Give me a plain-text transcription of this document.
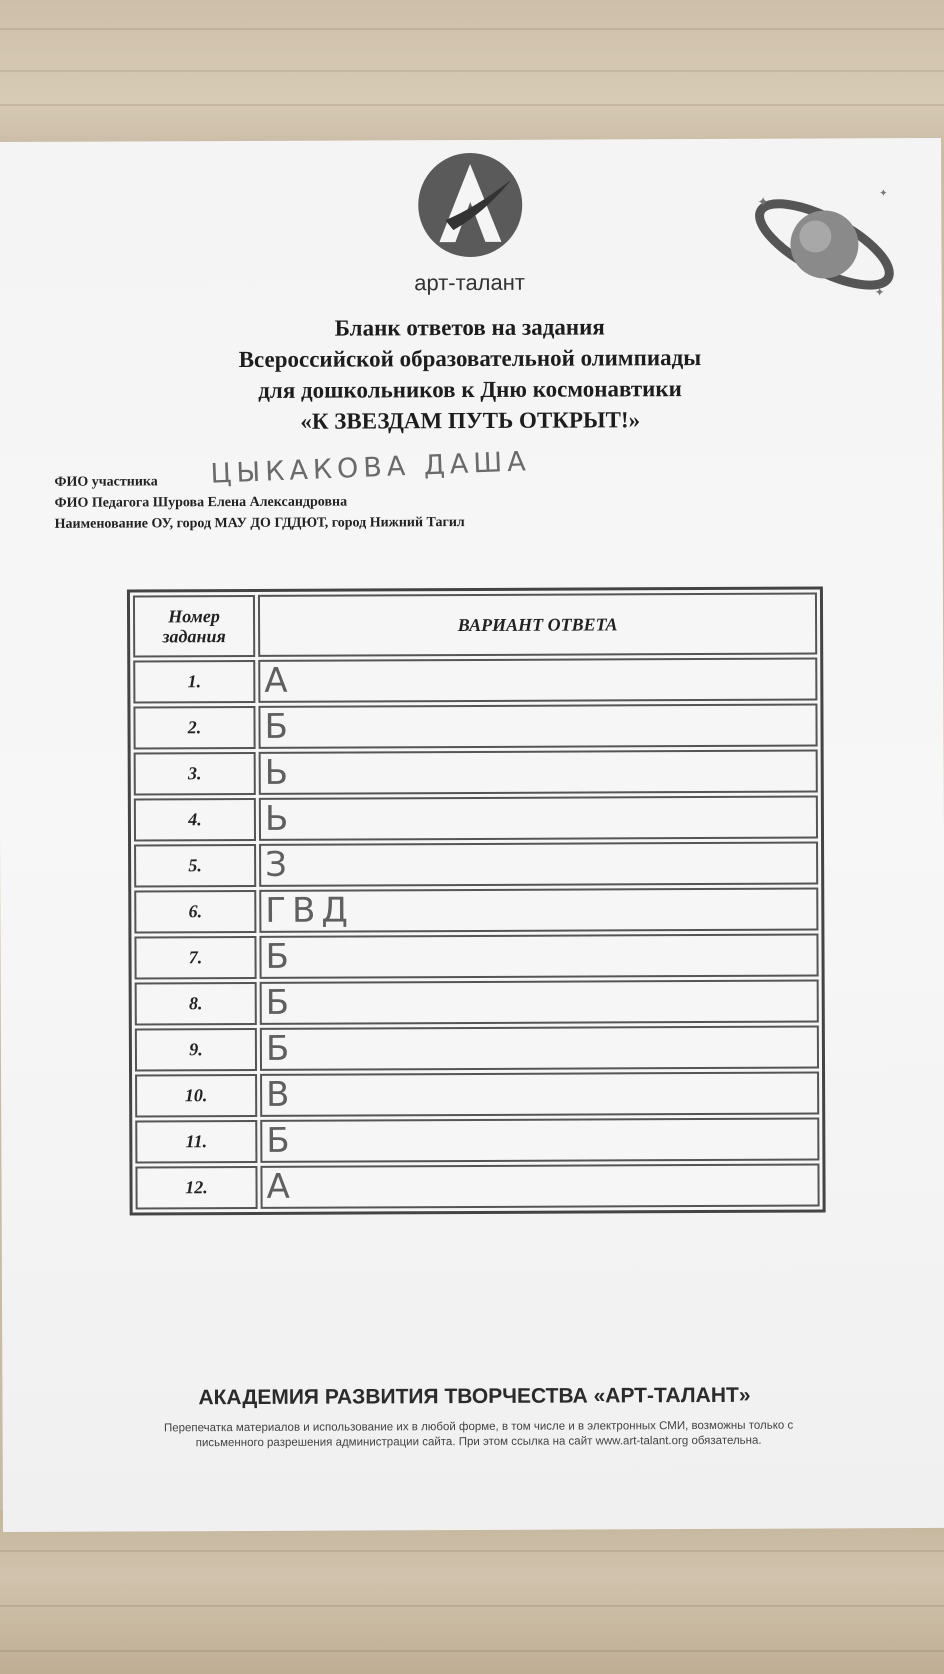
арт-талант
✦
✦
✦
Бланк ответов на задания
Всероссийской образовательной олимпиады
для дошкольников к Дню космонавтики
«К ЗВЕЗДАМ ПУТЬ ОТКРЫТ!»
ФИО участника
ФИО Педагога Шурова Елена Александровна
Наименование ОУ, город МАУ ДО ГДДЮТ, город Нижний Тагил
ЦЫКАКОВА ДАША
Номер
задания	ВАРИАНТ ОТВЕТА
1.	А
2.	Б
3.	Ь
4.	Ь
5.	З
6.	ГВД
7.	Б
8.	Б
9.	Б
10.	В
11.	Б
12.	А
АКАДЕМИЯ РАЗВИТИЯ ТВОРЧЕСТВА «АРТ-ТАЛАНТ»
Перепечатка материалов и использование их в любой форме, в том числе и в электронных СМИ, возможны только с
письменного разрешения администрации сайта. При этом ссылка на сайт www.art-talant.org обязательна.
